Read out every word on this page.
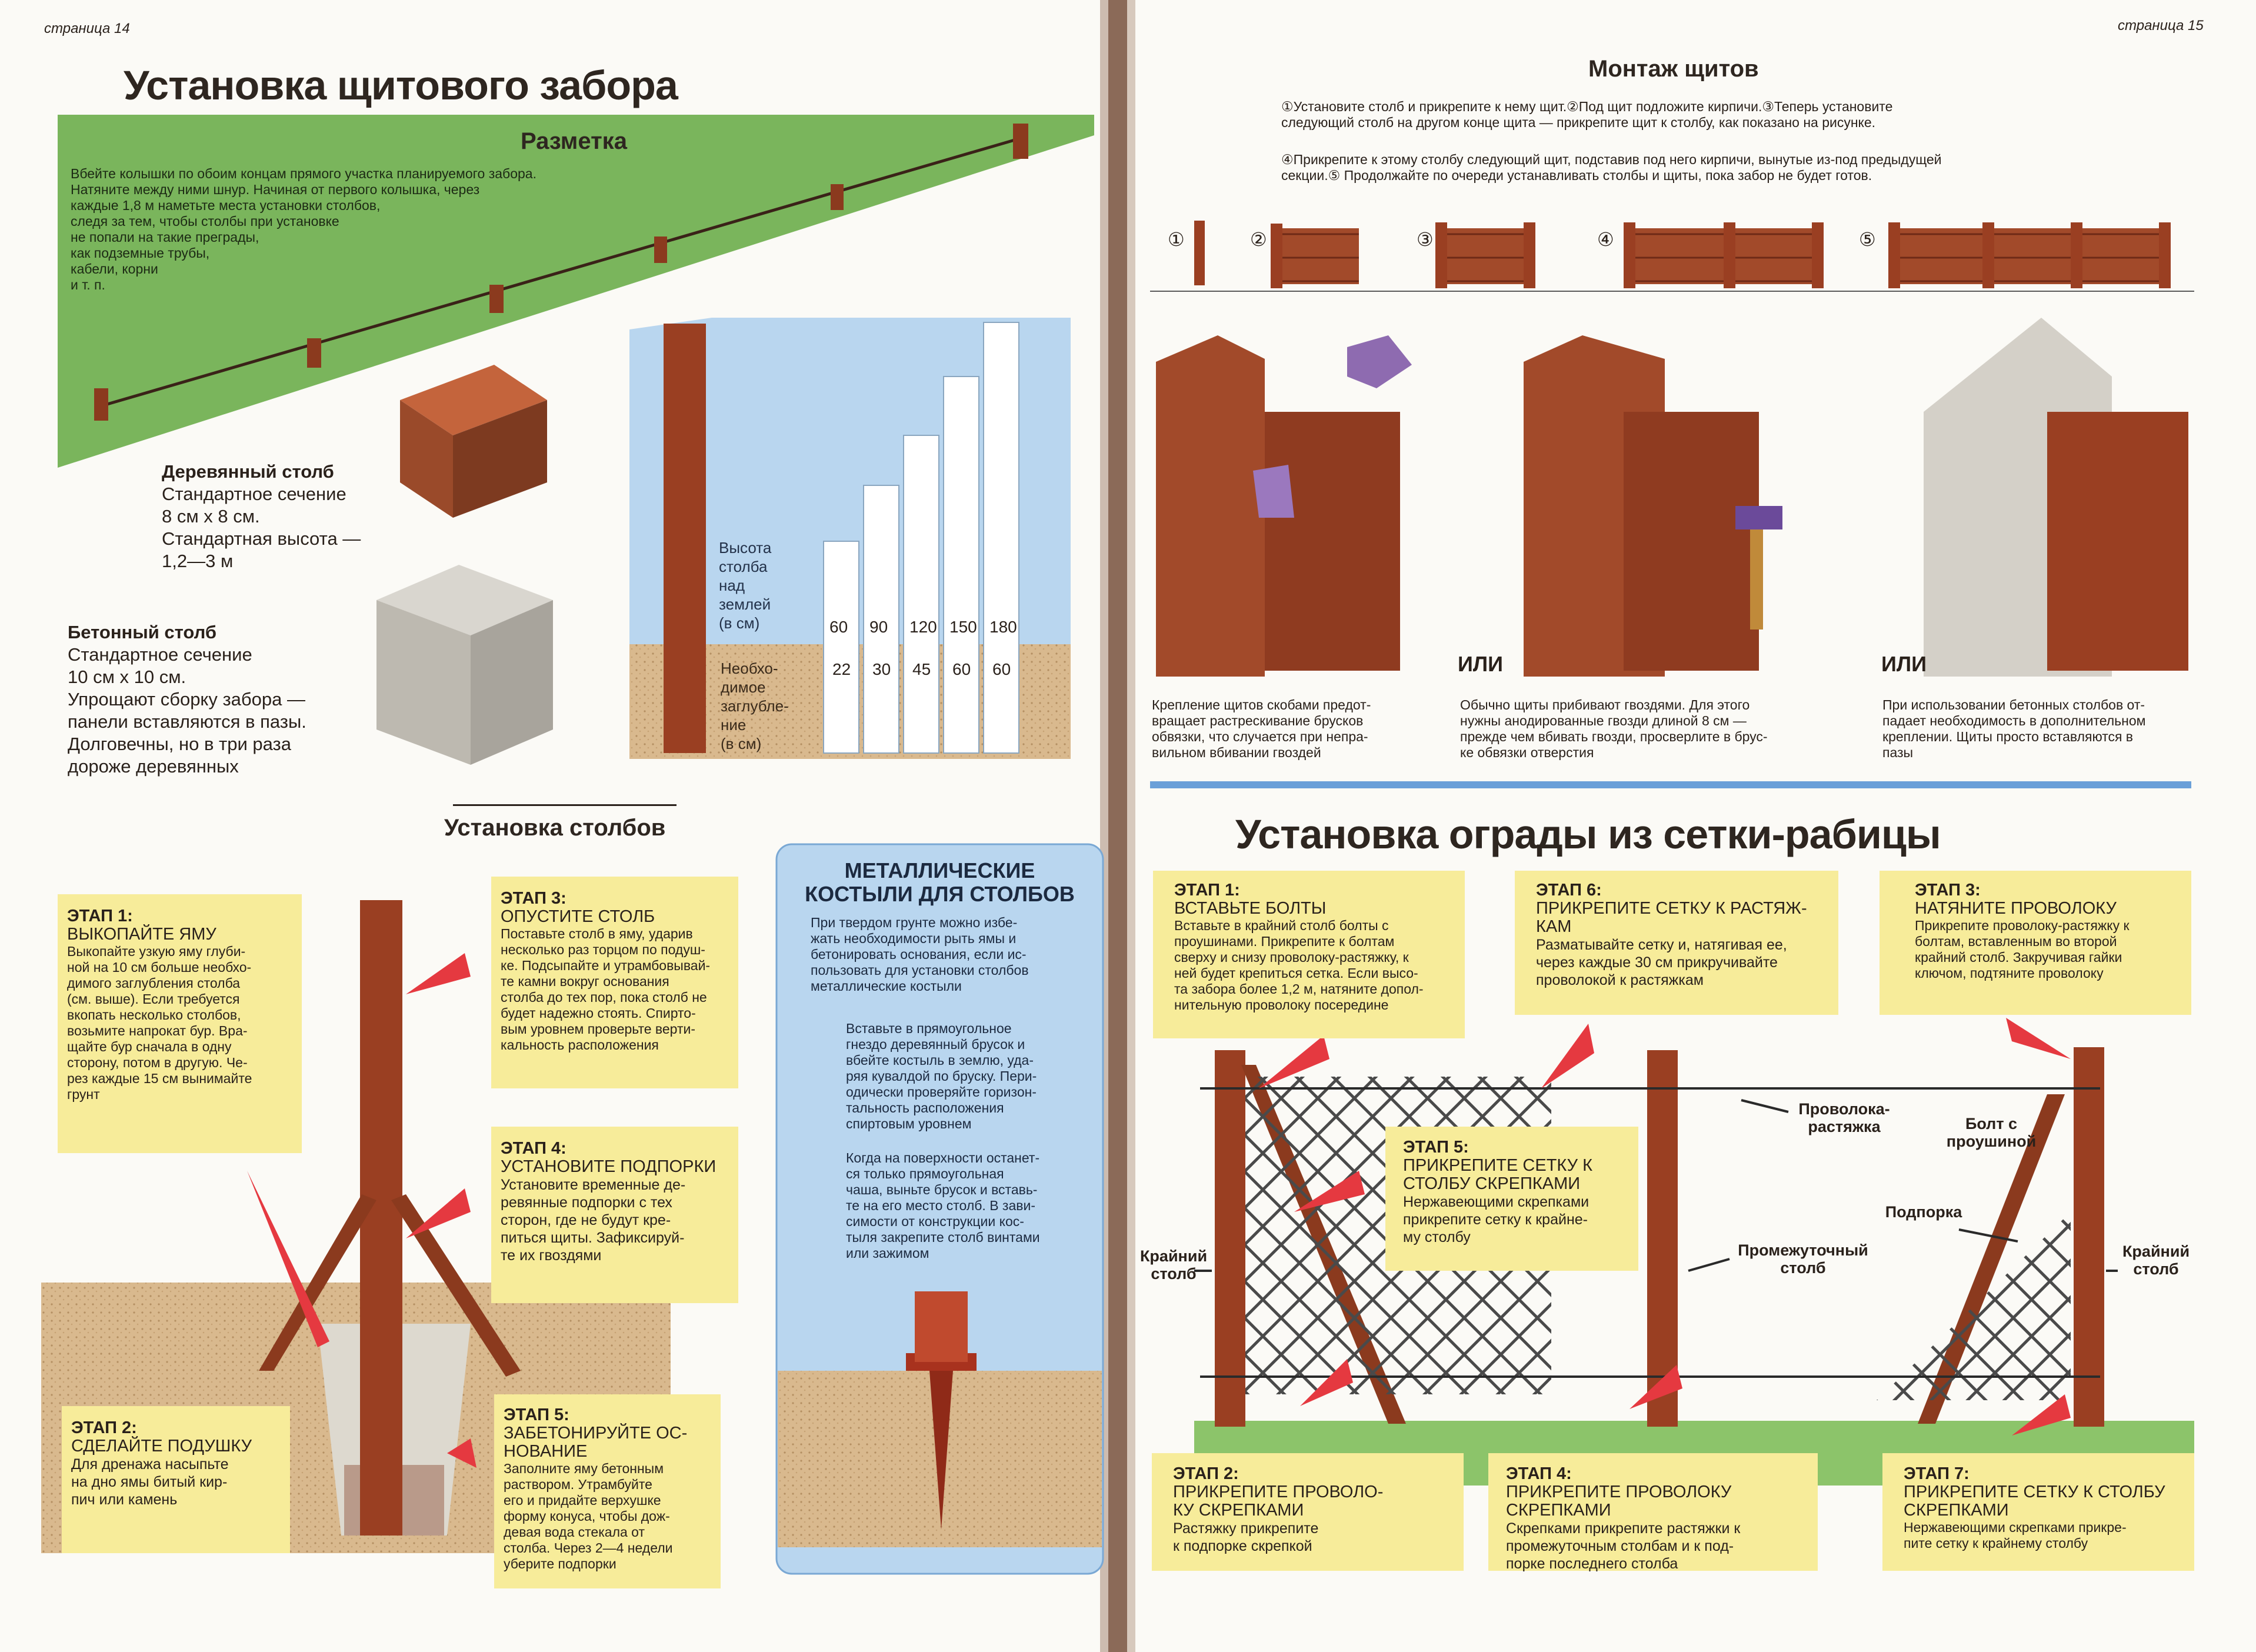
страница 14
Установка щитового забора
Разметка
Вбейте колышки по обоим концам прямого участка планируемого забора.
Натяните между ними шнур. Начиная от первого колышка, через
каждые 1,8 м наметьте места установки столбов,
следя за тем, чтобы столбы при установке
не попали на такие преграды,
как подземные трубы,
кабели, корни
и т. п.
Деревянный столб
Стандартное сечение
8 см х 8 см.
Стандартная высота —
1,2—3 м
Бетонный столб
Стандартное сечение
10 см х 10 см.
Упрощают сборку забора —
панели вставляются в пазы.
Долговечны, но в три раза
дороже деревянных
Высота
столба
над
землей
(в см)
Необхо-
димое
заглубле-
ние
(в см)
60	90	120 150 180
22	30	45	60	60
Установка столбов
ЭТАП 1:
ВЫКОПАЙТЕ ЯМУ
Выкопайте узкую яму глуби-
ной на 10 см больше необхо-
димого заглубления столба
(см. выше). Если требуется
вкопать несколько столбов,
возьмите напрокат бур. Вра-
щайте бур сначала в одну
сторону, потом в другую. Че-
рез каждые 15 см вынимайте
грунт
ЭТАП 2:
СДЕЛАЙТЕ ПОДУШКУ
Для дренажа насыпьте
на дно ямы битый кир-
пич или камень
ЭТАП 3:
ОПУСТИТЕ СТОЛБ
Поставьте столб в яму, ударив
несколько раз торцом по подуш-
ке. Подсыпайте и утрамбовывай-
те камни вокруг основания
столба до тех пор, пока столб не
будет надежно стоять. Спирто-
вым уровнем проверьте верти-
кальность расположения
ЭТАП 4:
УСТАНОВИТЕ ПОДПОРКИ
Установите временные де-
ревянные подпорки с тех
сторон, где не будут кре-
питься щиты. Зафиксируй-
те их гвоздями
ЭТАП 5:
ЗАБЕТОНИРУЙТЕ ОС-
НОВАНИЕ
Заполните яму бетонным
раствором. Утрамбуйте
его и придайте верхушке
форму конуса, чтобы дож-
девая вода стекала от
столба. Через 2—4 недели
уберите подпорки
МЕТАЛЛИЧЕСКИЕ
КОСТЫЛИ ДЛЯ СТОЛБОВ
При твердом грунте можно избе-
жать необходимости рыть ямы и
бетонировать основания, если ис-
пользовать для установки столбов
металлические костыли
Вставьте в прямоугольное
гнездо деревянный брусок и
вбейте костыль в землю, уда-
ряя кувалдой по бруску. Пери-
одически проверяйте горизон-
тальность расположения
спиртовым уровнем
Когда на поверхности останет-
ся только прямоугольная
чаша, выньте брусок и вставь-
те на его место столб. В зави-
симости от конструкции кос-
тыля закрепите столб винтами
или зажимом
страница 15
Монтаж щитов
①Установите столб и прикрепите к нему щит.②Под щит подложите кирпичи.③Теперь установите
следующий столб на другом конце щита — прикрепите щит к столбу, как показано на рисунке.
④Прикрепите к этому столбу следующий щит, подставив под него кирпичи, вынутые из-под предыдущей
секции.⑤ Продолжайте по очереди устанавливать столбы и щиты, пока забор не будет готов.
①	②	③	④	⑤
ИЛИ	ИЛИ
Крепление щитов скобами предот-
вращает растрескивание брусков
обвязки, что случается при непра-
вильном вбивании гвоздей
Обычно щиты прибивают гвоздями. Для этого
нужны анодированные гвозди длиной 8 см —
прежде чем вбивать гвозди, просверлите в брус-
ке обвязки отверстия
При использовании бетонных столбов от-
падает необходимость в дополнительном
креплении. Щиты просто вставляются в
пазы
Установка ограды из сетки-рабицы
ЭТАП 1:
ВСТАВЬТЕ БОЛТЫ
Вставьте в крайний столб болты с
проушинами. Прикрепите к болтам
сверху и снизу проволоку-растяжку, к
ней будет крепиться сетка. Если высо-
та забора более 1,2 м, натяните допол-
нительную проволоку посередине
ЭТАП 6:
ПРИКРЕПИТЕ СЕТКУ К РАСТЯЖ-
КАМ
Разматывайте сетку и, натягивая ее,
через каждые 30 см прикручивайте
проволокой к растяжкам
ЭТАП 3:
НАТЯНИТЕ ПРОВОЛОКУ
Прикрепите проволоку-растяжку к
болтам, вставленным во второй
крайний столб. Закручивая гайки
ключом, подтяните проволоку
ЭТАП 5:
ПРИКРЕПИТЕ СЕТКУ К
СТОЛБУ СКРЕПКАМИ
Нержавеющими скрепками
прикрепите сетку к крайне-
му столбу
ЭТАП 2:
ПРИКРЕПИТЕ ПРОВОЛО-
КУ СКРЕПКАМИ
Растяжку прикрепите
к подпорке скрепкой
ЭТАП 4:
ПРИКРЕПИТЕ ПРОВОЛОКУ СКРЕПКАМИ
Скрепками прикрепите растяжки к
промежуточным столбам и к под-
порке последнего столба
ЭТАП 7:
ПРИКРЕПИТЕ СЕТКУ К СТОЛБУ
СКРЕПКАМИ
Нержавеющими скрепками прикре-
пите сетку к крайнему столбу
Проволока-
растяжка	Болт с
проушиной
Подпорка
Крайний
столб
Крайний
столб
Промежуточный
столб
